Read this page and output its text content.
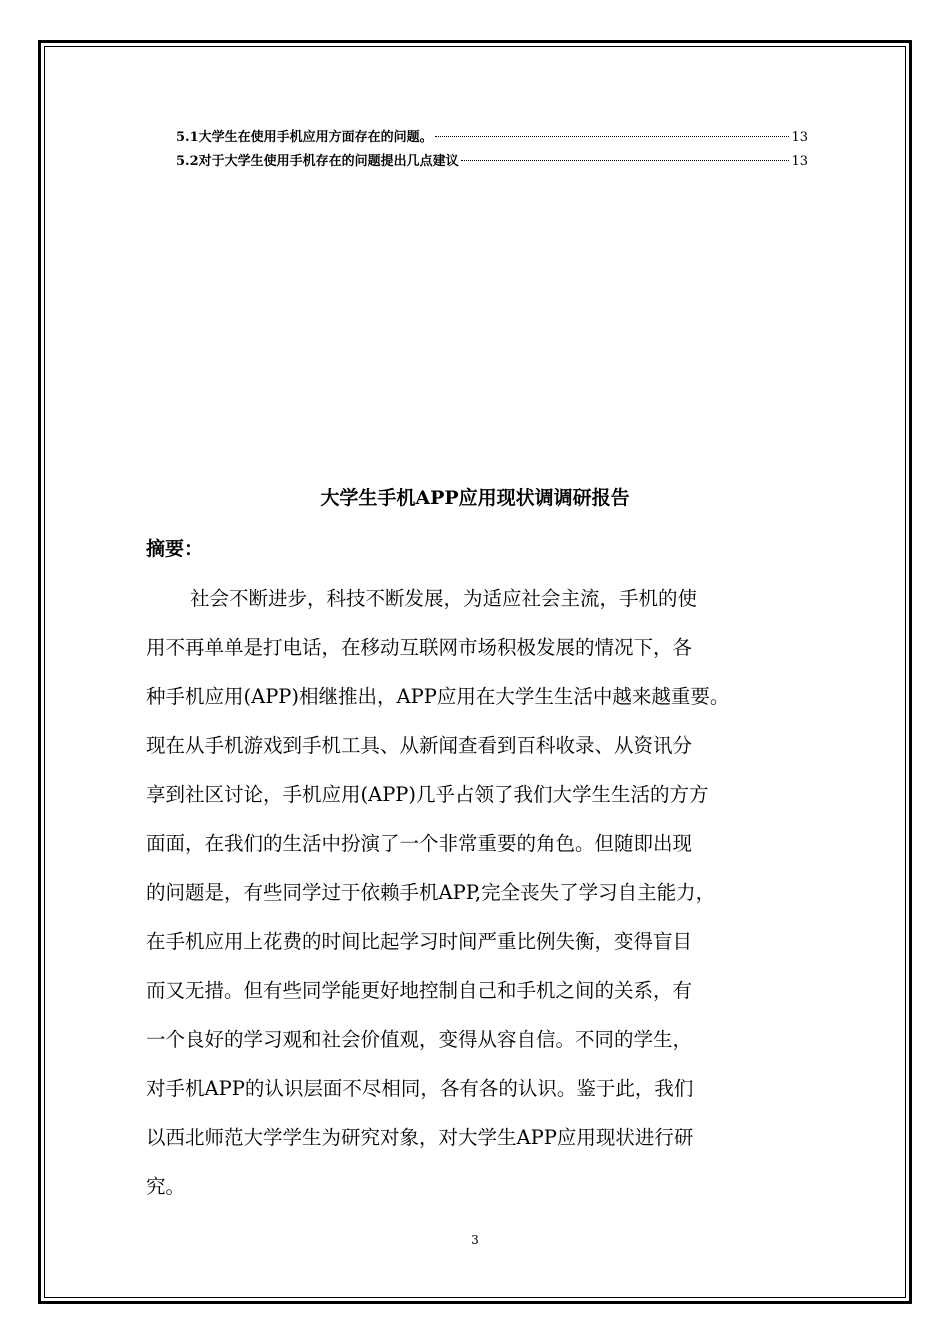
5.1大学生在使用手机应用方面存在的问题。	13
5.2对于大学生使用手机存在的问题提出几点建议	13
大学生手机APP应用现状调调研报告
摘要：
社会不断进步，科技不断发展，为适应社会主流，手机的使
用不再单单是打电话，在移动互联网市场积极发展的情况下，各
种手机应用(APP)相继推出，APP应用在大学生生活中越来越重要。
现在从手机游戏到手机工具、从新闻查看到百科收录、从资讯分
享到社区讨论，手机应用(APP)几乎占领了我们大学生生活的方方
面面，在我们的生活中扮演了一个非常重要的角色。但随即出现
的问题是，有些同学过于依赖手机APP,完全丧失了学习自主能力，
在手机应用上花费的时间比起学习时间严重比例失衡，变得盲目
而又无措。但有些同学能更好地控制自己和手机之间的关系，有
一个良好的学习观和社会价值观，变得从容自信。不同的学生，
对手机APP的认识层面不尽相同，各有各的认识。鉴于此，我们
以西北师范大学学生为研究对象，对大学生APP应用现状进行研
究。
3
